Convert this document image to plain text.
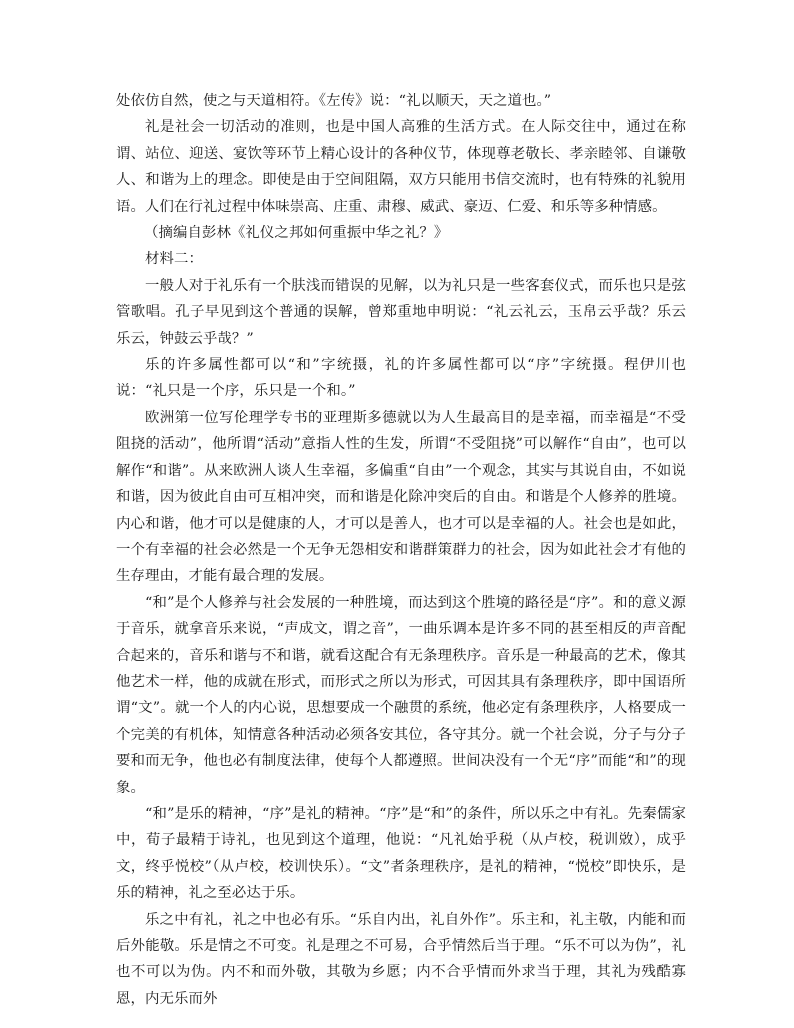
处依仿自然，使之与天道相符。《左传》说：“礼以顺天，天之道也。”

礼是社会一切活动的准则，也是中国人高雅的生活方式。在人际交往中，通过在称谓、站位、迎送、宴饮等环节上精心设计的各种仪节，体现尊老敬长、孝亲睦邻、自谦敬人、和谐为上的理念。即使是由于空间阻隔，双方只能用书信交流时，也有特殊的礼貌用语。人们在行礼过程中体味崇高、庄重、肃穆、威武、豪迈、仁爱、和乐等多种情感。

（摘编自彭林《礼仪之邦如何重振中华之礼？》

材料二：

一般人对于礼乐有一个肤浅而错误的见解，以为礼只是一些客套仪式，而乐也只是弦管歌唱。孔子早见到这个普通的误解，曾郑重地申明说：“礼云礼云，玉帛云乎哉？乐云乐云，钟鼓云乎哉？”

乐的许多属性都可以“和”字统摄，礼的许多属性都可以“序”字统摄。程伊川也说：“礼只是一个序，乐只是一个和。”

欧洲第一位写伦理学专书的亚理斯多德就以为人生最高目的是幸福，而幸福是“不受阻挠的活动”，他所谓“活动”意指人性的生发，所谓“不受阻挠”可以解作“自由”，也可以解作“和谐”。从来欧洲人谈人生幸福，多偏重“自由”一个观念，其实与其说自由，不如说和谐，因为彼此自由可互相冲突，而和谐是化除冲突后的自由。和谐是个人修养的胜境。内心和谐，他才可以是健康的人，才可以是善人，也才可以是幸福的人。社会也是如此，一个有幸福的社会必然是一个无争无怨相安和谐群策群力的社会，因为如此社会才有他的生存理由，才能有最合理的发展。

“和”是个人修养与社会发展的一种胜境，而达到这个胜境的路径是“序”。和的意义源于音乐，就拿音乐来说，“声成文，谓之音”，一曲乐调本是许多不同的甚至相反的声音配合起来的，音乐和谐与不和谐，就看这配合有无条理秩序。音乐是一种最高的艺术，像其他艺术一样，他的成就在形式，而形式之所以为形式，可因其具有条理秩序，即中国语所谓“文”。就一个人的内心说，思想要成一个融贯的系统，他必定有条理秩序，人格要成一个完美的有机体，知情意各种活动必须各安其位，各守其分。就一个社会说，分子与分子要和而无争，他也必有制度法律，使每个人都遵照。世间决没有一个无“序”而能“和”的现象。

“和”是乐的精神，“序”是礼的精神。“序”是“和”的条件，所以乐之中有礼。先秦儒家中，荀子最精于诗礼，也见到这个道理，他说：“凡礼始乎税（从卢校，税训敚），成乎文，终乎悦校”（从卢校，校训快乐）。“文”者条理秩序，是礼的精神，“悦校”即快乐，是乐的精神，礼之至必达于乐。

乐之中有礼，礼之中也必有乐。“乐自内出，礼自外作”。乐主和，礼主敬，内能和而后外能敬。乐是情之不可变。礼是理之不可易，合乎情然后当于理。“乐不可以为伪”，礼也不可以为伪。内不和而外敬，其敬为乡愿；内不合乎情而外求当于理，其礼为残酷寡恩，内无乐而外
